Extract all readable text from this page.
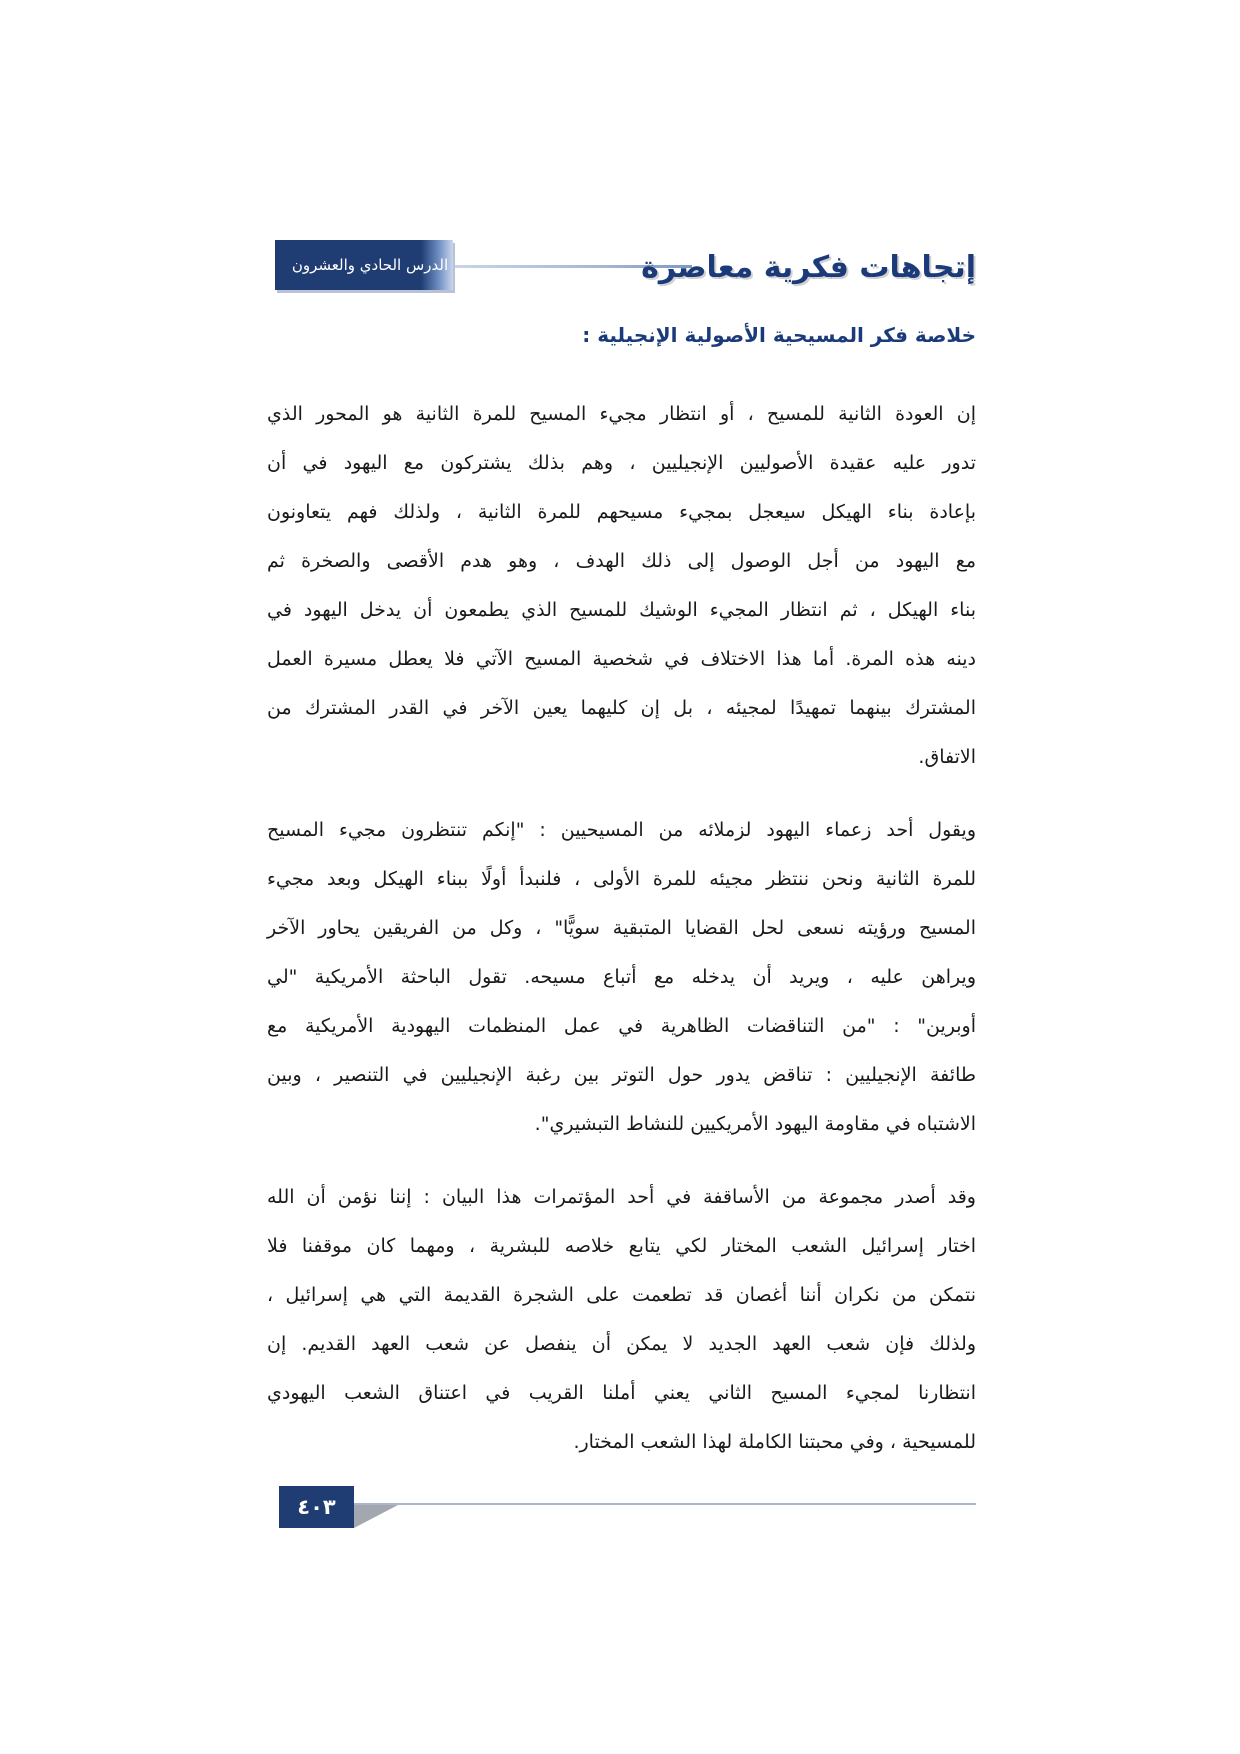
الدرس الحادي والعشرون	إتجاهات فكرية معاصرة
خلاصة فكر المسيحية الأصولية الإنجيلية :
إن العودة الثانية للمسيح ، أو انتظار مجيء المسيح للمرة الثانية هو المحور الذي
تدور عليه عقيدة الأصوليين الإنجيليين ، وهم بذلك يشتركون مع اليهود في أن
بإعادة بناء الهيكل سيعجل بمجيء مسيحهم للمرة الثانية ، ولذلك فهم يتعاونون
مع اليهود من أجل الوصول إلى ذلك الهدف ، وهو هدم الأقصى والصخرة ثم
بناء الهيكل ، ثم انتظار المجيء الوشيك للمسيح الذي يطمعون أن يدخل اليهود في
دينه هذه المرة. أما هذا الاختلاف في شخصية المسيح الآتي فلا يعطل مسيرة العمل
المشترك بينهما تمهيدًا لمجيئه ، بل إن كليهما يعين الآخر في القدر المشترك من
الاتفاق.
ويقول أحد زعماء اليهود لزملائه من المسيحيين : "إنكم تنتظرون مجيء المسيح
للمرة الثانية ونحن ننتظر مجيئه للمرة الأولى ، فلنبدأ أولًا ببناء الهيكل وبعد مجيء
المسيح ورؤيته نسعى لحل القضايا المتبقية سويًّا" ، وكل من الفريقين يحاور الآخر
ويراهن عليه ، ويريد أن يدخله مع أتباع مسيحه. تقول الباحثة الأمريكية "لي
أوبرين" : "من التناقضات الظاهرية في عمل المنظمات اليهودية الأمريكية مع
طائفة الإنجيليين : تناقض يدور حول التوتر بين رغبة الإنجيليين في التنصير ، وبين
الاشتباه في مقاومة اليهود الأمريكيين للنشاط التبشيري".
وقد أصدر مجموعة من الأساقفة في أحد المؤتمرات هذا البيان : إننا نؤمن أن الله
اختار إسرائيل الشعب المختار لكي يتابع خلاصه للبشرية ، ومهما كان موقفنا فلا
نتمكن من نكران أننا أغصان قد تطعمت على الشجرة القديمة التي هي إسرائيل ،
ولذلك فإن شعب العهد الجديد لا يمكن أن ينفصل عن شعب العهد القديم. إن
انتظارنا لمجيء المسيح الثاني يعني أملنا القريب في اعتناق الشعب اليهودي
للمسيحية ، وفي محبتنا الكاملة لهذا الشعب المختار.
٤٠٣
